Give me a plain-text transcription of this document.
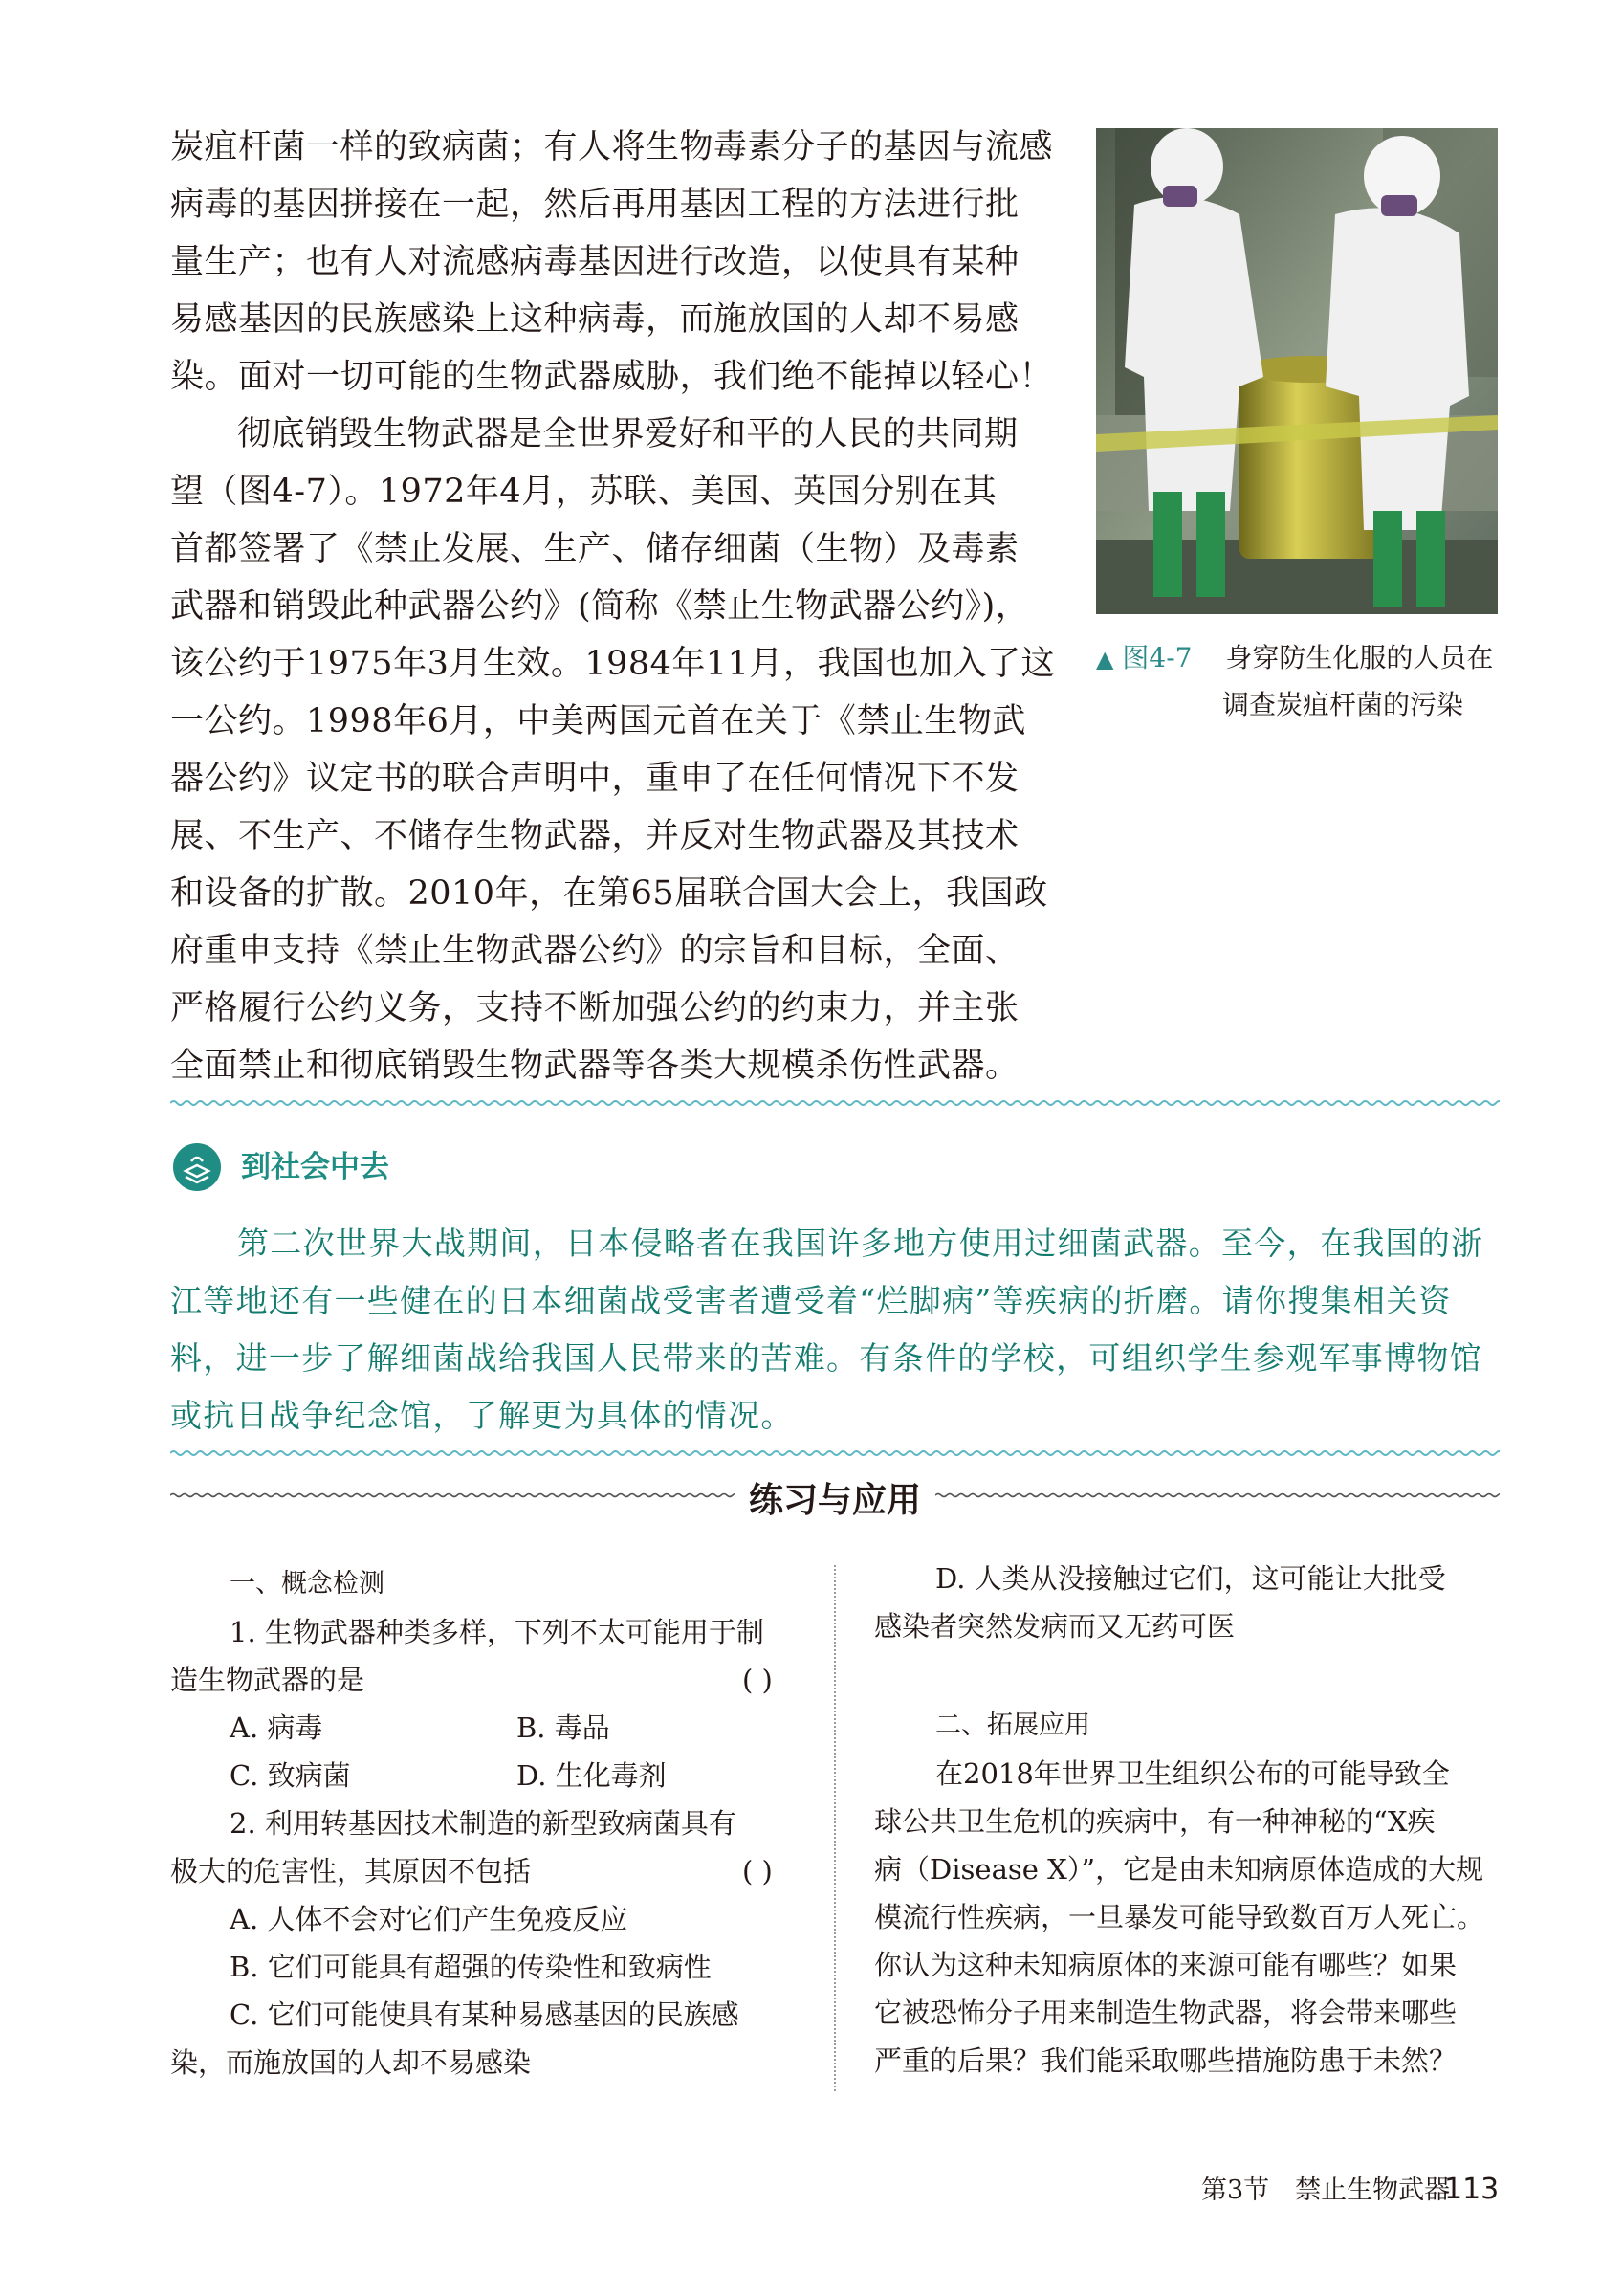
炭疽杆菌一样的致病菌；有人将生物毒素分子的基因与流感
病毒的基因拼接在一起，然后再用基因工程的方法进行批
量生产；也有人对流感病毒基因进行改造，以使具有某种
易感基因的民族感染上这种病毒，而施放国的人却不易感
染。面对一切可能的生物武器威胁，我们绝不能掉以轻心！
彻底销毁生物武器是全世界爱好和平的人民的共同期
望（图4-7）。1972年4月，苏联、美国、英国分别在其
首都签署了《禁止发展、生产、储存细菌（生物）及毒素
武器和销毁此种武器公约》(简称《禁止生物武器公约》)，
该公约于1975年3月生效。1984年11月，我国也加入了这
一公约。1998年6月，中美两国元首在关于《禁止生物武
器公约》议定书的联合声明中，重申了在任何情况下不发
展、不生产、不储存生物武器，并反对生物武器及其技术
和设备的扩散。2010年，在第65届联合国大会上，我国政
府重申支持《禁止生物武器公约》的宗旨和目标，全面、
严格履行公约义务，支持不断加强公约的约束力，并主张
全面禁止和彻底销毁生物武器等各类大规模杀伤性武器。
▲ 图4-7 身穿防生化服的人员在
调查炭疽杆菌的污染
到社会中去
第二次世界大战期间，日本侵略者在我国许多地方使用过细菌武器。至今，在我国的浙
江等地还有一些健在的日本细菌战受害者遭受着“烂脚病”等疾病的折磨。请你搜集相关资
料，进一步了解细菌战给我国人民带来的苦难。有条件的学校，可组织学生参观军事博物馆
或抗日战争纪念馆，了解更为具体的情况。
练习与应用
一、概念检测
1. 生物武器种类多样，下列不太可能用于制
造生物武器的是	( )
A. 病毒	B. 毒品
C. 致病菌	D. 生化毒剂
2. 利用转基因技术制造的新型致病菌具有
极大的危害性，其原因不包括	( )
A. 人体不会对它们产生免疫反应
B. 它们可能具有超强的传染性和致病性
C. 它们可能使具有某种易感基因的民族感
染，而施放国的人却不易感染
D. 人类从没接触过它们，这可能让大批受
感染者突然发病而又无药可医
二、拓展应用
在2018年世界卫生组织公布的可能导致全
球公共卫生危机的疾病中，有一种神秘的“X疾
病（Disease X）”，它是由未知病原体造成的大规
模流行性疾病，一旦暴发可能导致数百万人死亡。
你认为这种未知病原体的来源可能有哪些？如果
它被恐怖分子用来制造生物武器，将会带来哪些
严重的后果？我们能采取哪些措施防患于未然？
第3节　禁止生物武器
113
